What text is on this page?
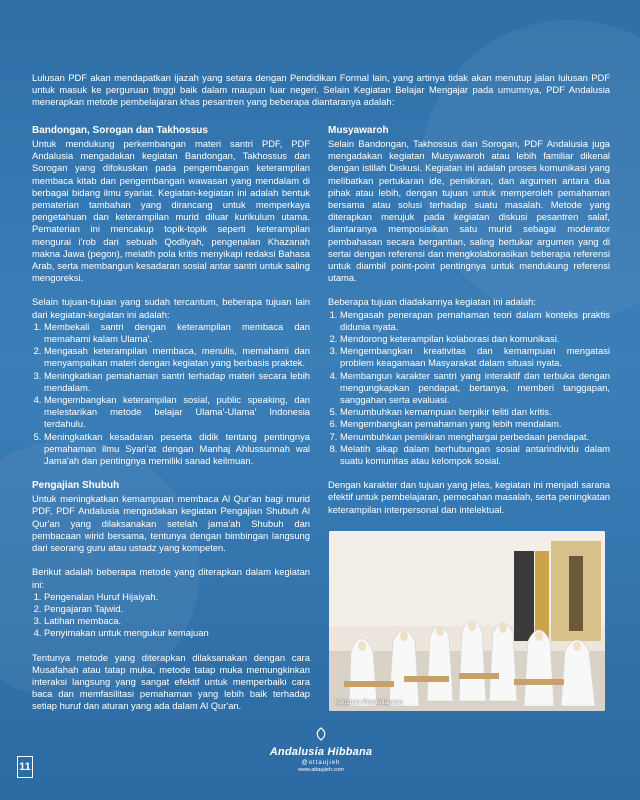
Lulusan PDF akan mendapatkan ijazah yang setara dengan Pendidikan Formal lain, yang artinya tidak akan menutup jalan lulusan PDF untuk masuk ke perguruan tinggi baik dalam maupun luar negeri. Selain Kegiatan Belajar Mengajar pada umumnya, PDF Andalusia menerapkan metode pembelajaran khas pesantren yang beberapa diantaranya adalah:

Bandongan, Sorogan dan Takhossus

Untuk mendukung perkembangan materi santri PDF, PDF Andalusia mengadakan kegiatan Bandongan, Takhossus dan Sorogan yang difokuskan pada pengembangan keterampilan membaca kitab dan pengembangan wawasan yang mendalam di berbagai bidang ilmu syariat. Kegiatan-kegiatan ini adalah bentuk pematerian tambahan yang dirancang untuk memperkaya pengetahuan dan keterampilan murid diluar kurikulum utama. Pematerian ini mencakup topik-topik seperti keterampilan mengurai i'rob dari sebuah Qodliyah, pengenalan Khazanah makna Jawa (pegon), melatih pola kritis menyikapi redaksi Bahasa Arab, serta membangun kesadaran sosial antar santri untuk saling mengoreksi.

Selain tujuan-tujuan yang sudah tercantum, beberapa tujuan lain dari kegiatan-kegiatan ini adalah:

1. Membekali santri dengan keterampilan membaca dan memahami kalam Ulama'.
2. Mengasah keterampilan membaca, menulis, memahami dan menyampaikan materi dengan kegiatan yang berbasis praktek.
3. Meningkatkan pemahaman santri terhadap materi secara lebih mendalam.
4. Mengembangkan keterampilan sosial, public speaking, dan melestarikan metode belajar Ulama'-Ulama' Indonesia terdahulu.
5. Meningkatkan kesadaran peserta didik tentang pentingnya pemahaman ilmu Syari'at dengan Manhaj Ahlussunnah wal Jama'ah dan pentingnya memiliki sanad keilmuan.
Pengajian Shubuh

Untuk meningkatkan kemampuan membaca Al Qur'an bagi murid PDF, PDF Andalusia mengadakan kegiatan Pengajian Shubuh Al Qur'an yang dilaksanakan setelah jama'ah Shubuh dan pembacaan wirid bersama, tentunya dengan bimbingan langsung dari seorang guru atau ustadz yang kompeten.

Berikut adalah beberapa metode yang diterapkan dalam kegiatan ini:

1. Pengenalan Huruf Hijaiyah.
2. Pengajaran Tajwid.
3. Latihan membaca.
4. Penyimakan untuk mengukur kemajuan

Tentunya metode yang diterapkan dilaksanakan dengan cara Musafahah atau tatap muka, metode tatap muka memungkinkan interaksi langsung yang sangat efektif untuk memperbaiki cara baca dan memfasilitasi pemahaman yang lebih baik terhadap setiap huruf dan aturan yang ada dalam Al Qur'an.

Musyawaroh

Selain Bandongan, Takhossus dan Sorogan, PDF Andalusia juga mengadakan kegiatan Musyawaroh atau lebih familiar dikenal dengan istilah Diskusi. Kegiatan ini adalah proses komunikasi yang melibatkan pertukaran ide, pemikiran, dan argumen antara dua pihak atau lebih, dengan tujuan untuk memperoleh pemahaman bersama atau solusi terhadap suatu masalah. Metode yang diterapkan merujuk pada kegiatan diskusi pesantren salaf, diantaranya memposisikan satu murid sebagai moderator pembahasan secara bergantian, saling bertukar argumen yang di sertai dengan referensi dan mengkolaborasikan beberapa referensi untuk diambil point-point pentingnya untuk mendukung referensi utama.

Beberapa tujuan diadakannya kegiatan ini adalah:

1. Mengasah penerapan pemahaman teori dalam konteks praktis didunia nyata.
2. Mendorong keterampilan kolaborasi dan komunikasi.
3. Mengembangkan kreativitas dan kemampuan mengatasi problem keagamaan Masyarakat dalam situasi nyata.
4. Membangun karakter santri yang interaktif dan terbuka dengan mengungkapkan pendapat, bertanya, memberi tanggapan, sanggahan serta evaluasi.
5. Menumbuhkan kemampuan berpikir teliti dan kritis.
6. Mengembangkan pemahaman yang lebih mendalam.
7. Menumbuhkan pemikiran menghargai perbedaan pendapat.
8. Melatih sikap dalam berhubungan sosial antarindividu dalam suatu komunitas atau kelompok sosial.

Dengan karakter dan tujuan yang jelas, kegiatan ini menjadi sarana efektif untuk pembelajaran, pemecahan masalah, serta peningkatan keterampilan interpersonal dan intelektual.

Kegiatan Pembelajaran
Andalusia Hibbana
@ottaujieh
www.attaujieh.com
11
